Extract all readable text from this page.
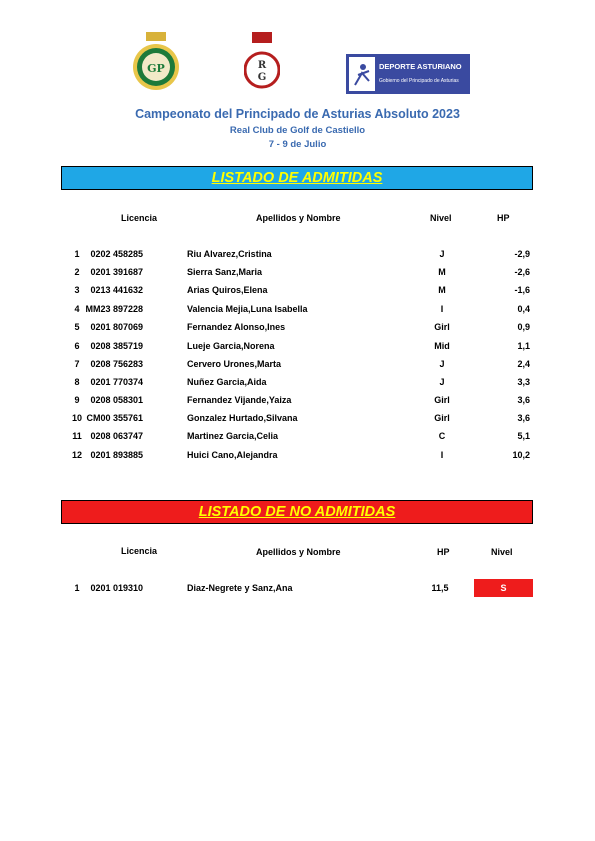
GP	R
G
DEPORTE ASTURIANO
Gobierno del Principado de Asturias
Campeonato del Principado de Asturias Absoluto 2023
Real Club de Golf de Castiello
7 - 9 de Julio
LISTADO DE ADMITIDAS
Licencia	Apellidos y Nombre	Nivel	HP
1	0202 458285	Riu Alvarez,Cristina	J	-2,9
2	0201 391687	Sierra Sanz,Maria	M	-2,6
3	0213 441632	Arias Quiros,Elena	M	-1,6
4 MM23 897228	Valencia Mejia,Luna Isabella	I	0,4
5	0201 807069	Fernandez Alonso,Ines	Girl	0,9
6	0208 385719	Lueje Garcia,Norena	Mid	1,1
7	0208 756283	Cervero Urones,Marta	J	2,4
8	0201 770374	Nuñez Garcia,Aida	J	3,3
9	0208 058301	Fernandez Vijande,Yaiza	Girl	3,6
10 CM00 355761	Gonzalez Hurtado,Silvana	Girl	3,6
11 0208 063747	Martinez Garcia,Celia	C	5,1
12 0201 893885	Huici Cano,Alejandra	I	10,2
LISTADO DE NO ADMITIDAS
Licencia	Apellidos y Nombre	HP	Nivel
1	0201 019310	Diaz-Negrete y Sanz,Ana	11,5	S
